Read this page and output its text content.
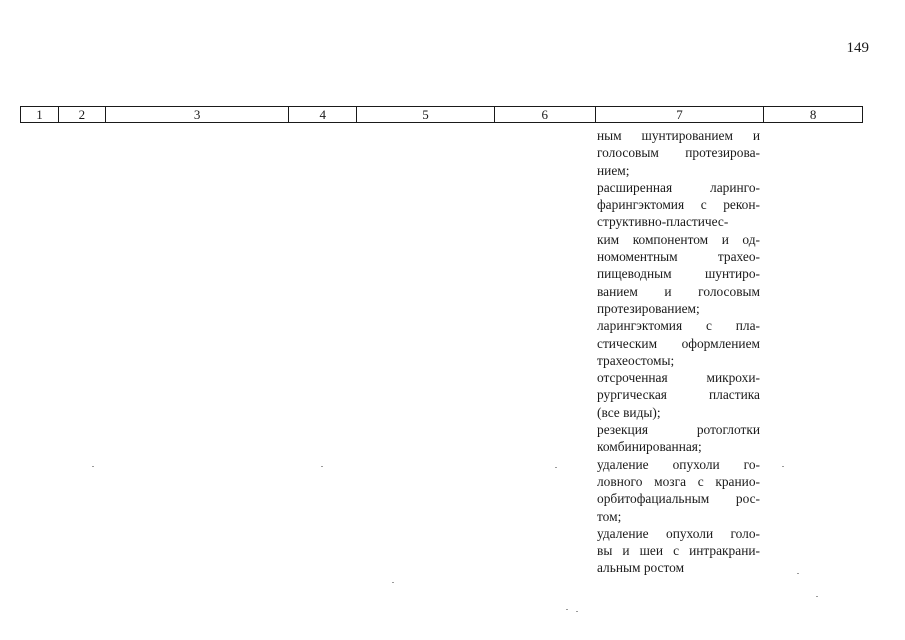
149
1	2	3	4	5	6	7	8
ным шунтированием и
голосовым протезирова-
нием;
расширенная ларинго-
фарингэктомия с рекон-
структивно-пластичес-
ким компонентом и од-
номоментным трахео-
пищеводным шунтиро-
ванием и голосовым
протезированием;
ларингэктомия с пла-
стическим оформлением
трахеостомы;
отсроченная микрохи-
рургическая пластика
(все виды);
резекция ротоглотки
комбинированная;
удаление опухоли го-
ловного мозга с кранио-
орбитофациальным рос-
том;
удаление опухоли голо-
вы и шеи с интракрани-
альным ростом
